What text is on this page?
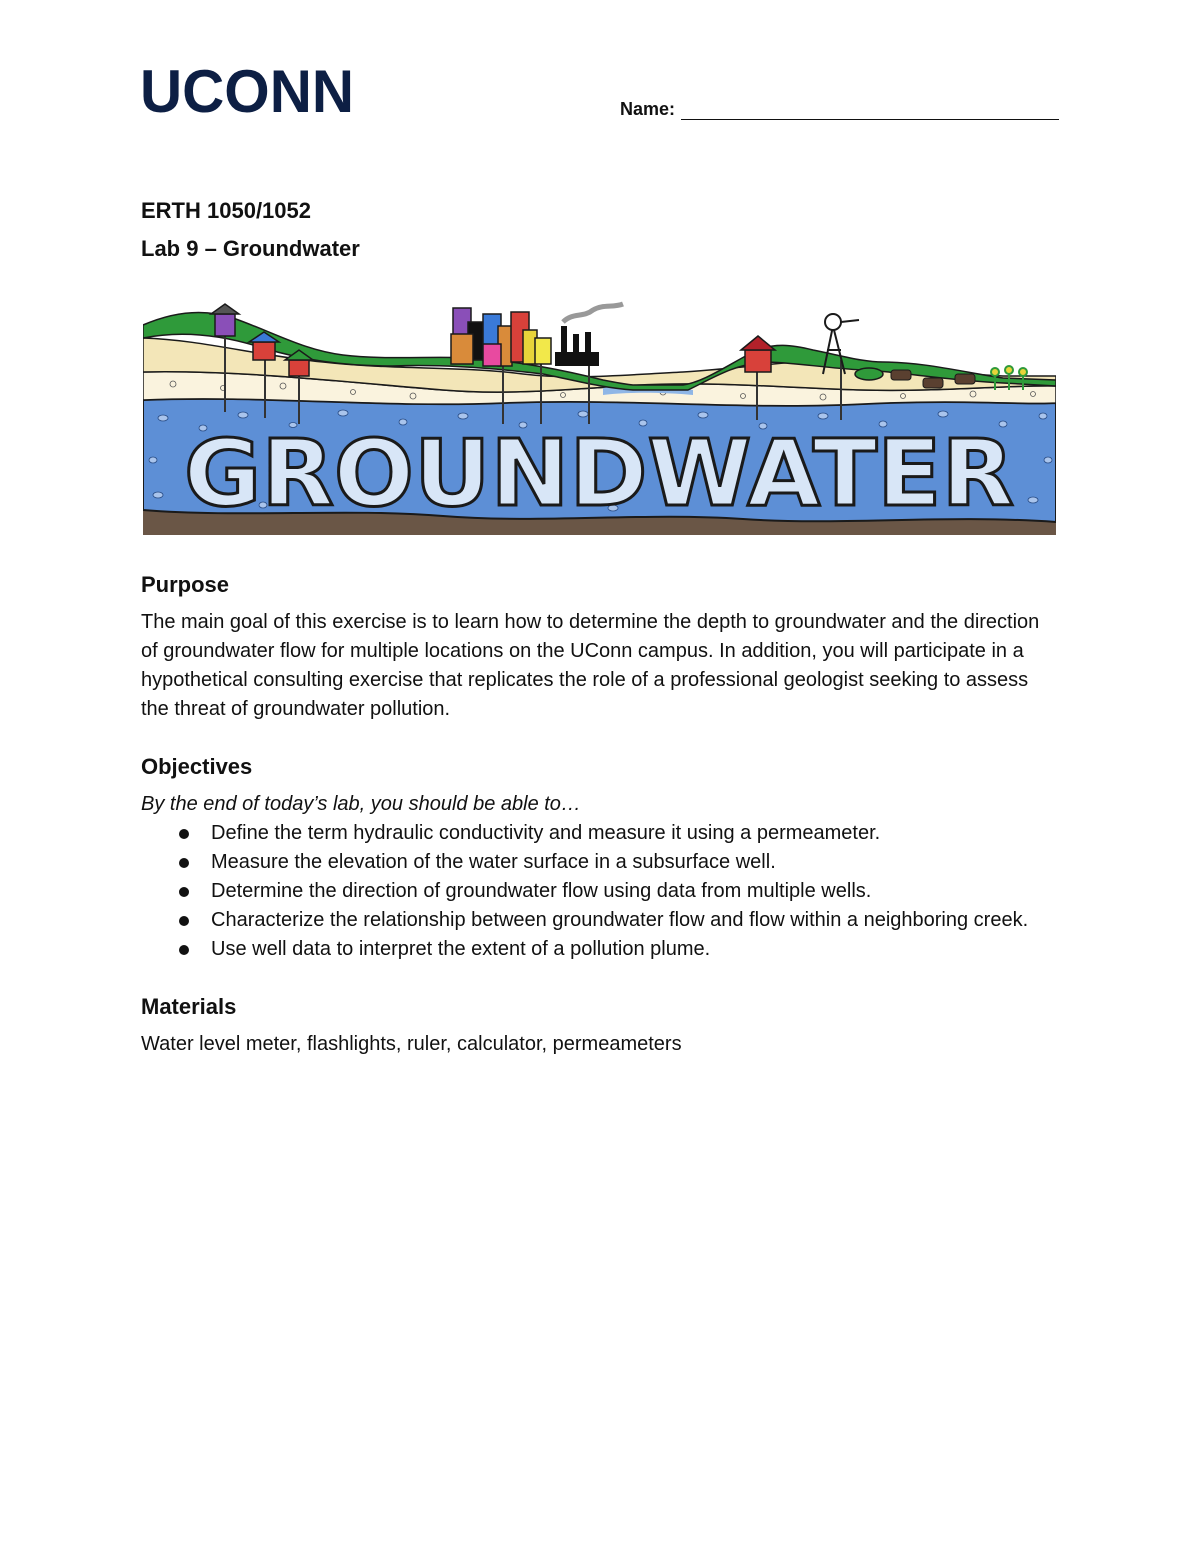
UCONN	Name:
ERTH 1050/1052
Lab 9 – Groundwater
GROUNDWATER
Purpose

The main goal of this exercise is to learn how to determine the depth to groundwater and the direction of groundwater flow for multiple locations on the UConn campus. In addition, you will participate in a hypothetical consulting exercise that replicates the role of a professional geologist seeking to assess the threat of groundwater pollution.

Objectives

By the end of today’s lab, you should be able to…

Define the term hydraulic conductivity and measure it using a permeameter.
Measure the elevation of the water surface in a subsurface well.
Determine the direction of groundwater flow using data from multiple wells.
Characterize the relationship between groundwater flow and flow within a neighboring creek.
Use well data to interpret the extent of a pollution plume.
Materials

Water level meter, flashlights, ruler, calculator, permeameters
